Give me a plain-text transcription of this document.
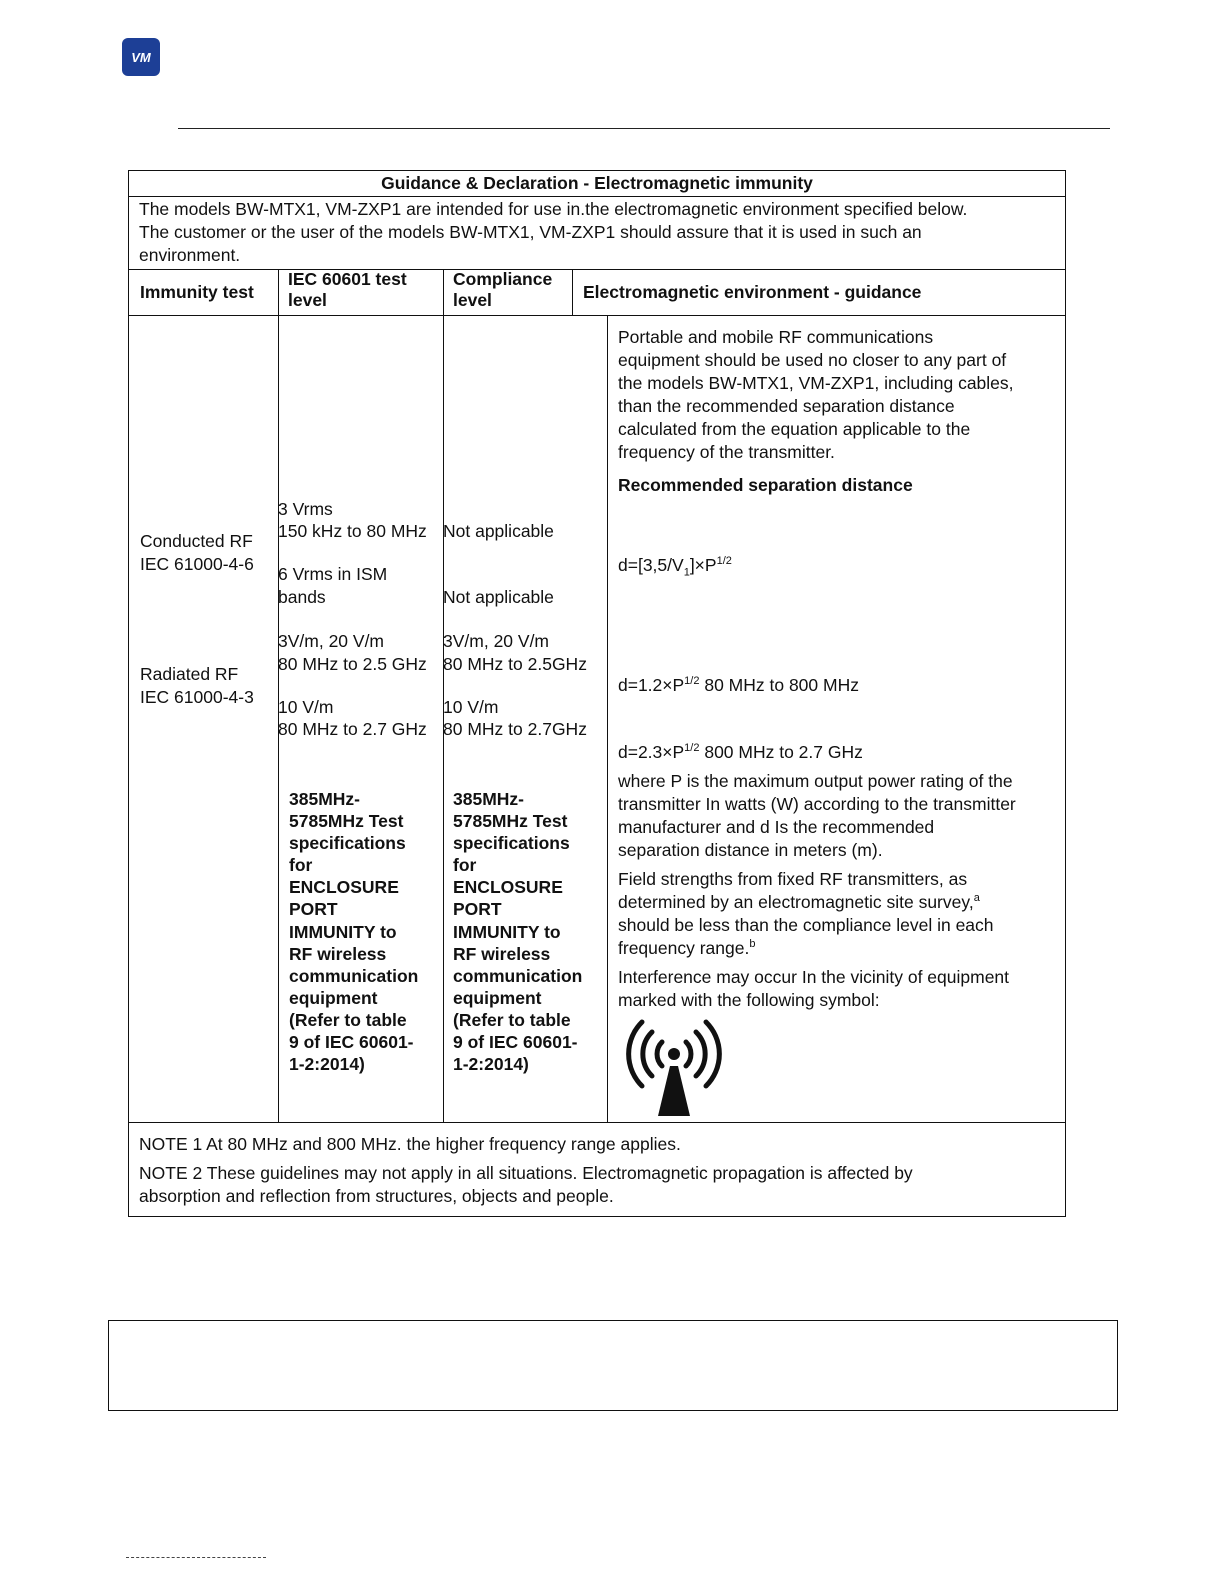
VM
Guidance & Declaration - Electromagnetic immunity
The models BW-MTX1, VM-ZXP1 are intended for use in.the electromagnetic environment specified below.
The customer or the user of the models BW-MTX1, VM-ZXP1 should assure that it is used in such an
environment.
Immunity test
IEC 60601 test
level
Compliance
level	Electromagnetic environment - guidance
Conducted RF
IEC 61000-4-6
Radiated RF
IEC 61000-4-3
3 Vrms
150 kHz to 80 MHz
6 Vrms in ISM
bands
3V/m, 20 V/m
80 MHz to 2.5 GHz
10 V/m
80 MHz to 2.7 GHz
385MHz-
5785MHz Test
specifications
for
ENCLOSURE
PORT
IMMUNITY to
RF wireless
communication
equipment
(Refer to table
9 of IEC 60601-
1-2:2014)
Not applicable
Not applicable
3V/m, 20 V/m
80 MHz to 2.5GHz
10 V/m
80 MHz to 2.7GHz
385MHz-
5785MHz Test
specifications
for
ENCLOSURE
PORT
IMMUNITY to
RF wireless
communication
equipment
(Refer to table
9 of IEC 60601-
1-2:2014)
Portable and mobile RF communications
equipment should be used no closer to any part of
the models BW-MTX1, VM-ZXP1, including cables,
than the recommended separation distance
calculated from the equation applicable to the
frequency of the transmitter.
Recommended separation distance
$d=[3,5/V_1]\times P^{1/2}$
$d=1.2\times P^{1/2}$ 80 MHz to 800 MHz
$d=2.3\times P^{1/2}$ 800 MHz to 2.7 GHz
where P is the maximum output power rating of the
transmitter In watts (W) according to the transmitter
manufacturer and d Is the recommended
separation distance in meters (m).
Field strengths from fixed RF transmitters, as
determined by an electromagnetic site survey,$^a$
should be less than the compliance level in each
frequency range.$^b$
Interference may occur In the vicinity of equipment
marked with the following symbol:
NOTE 1 At 80 MHz and 800 MHz. the higher frequency range applies.
NOTE 2 These guidelines may not apply in all situations. Electromagnetic propagation is affected by
absorption and reflection from structures, objects and people.
